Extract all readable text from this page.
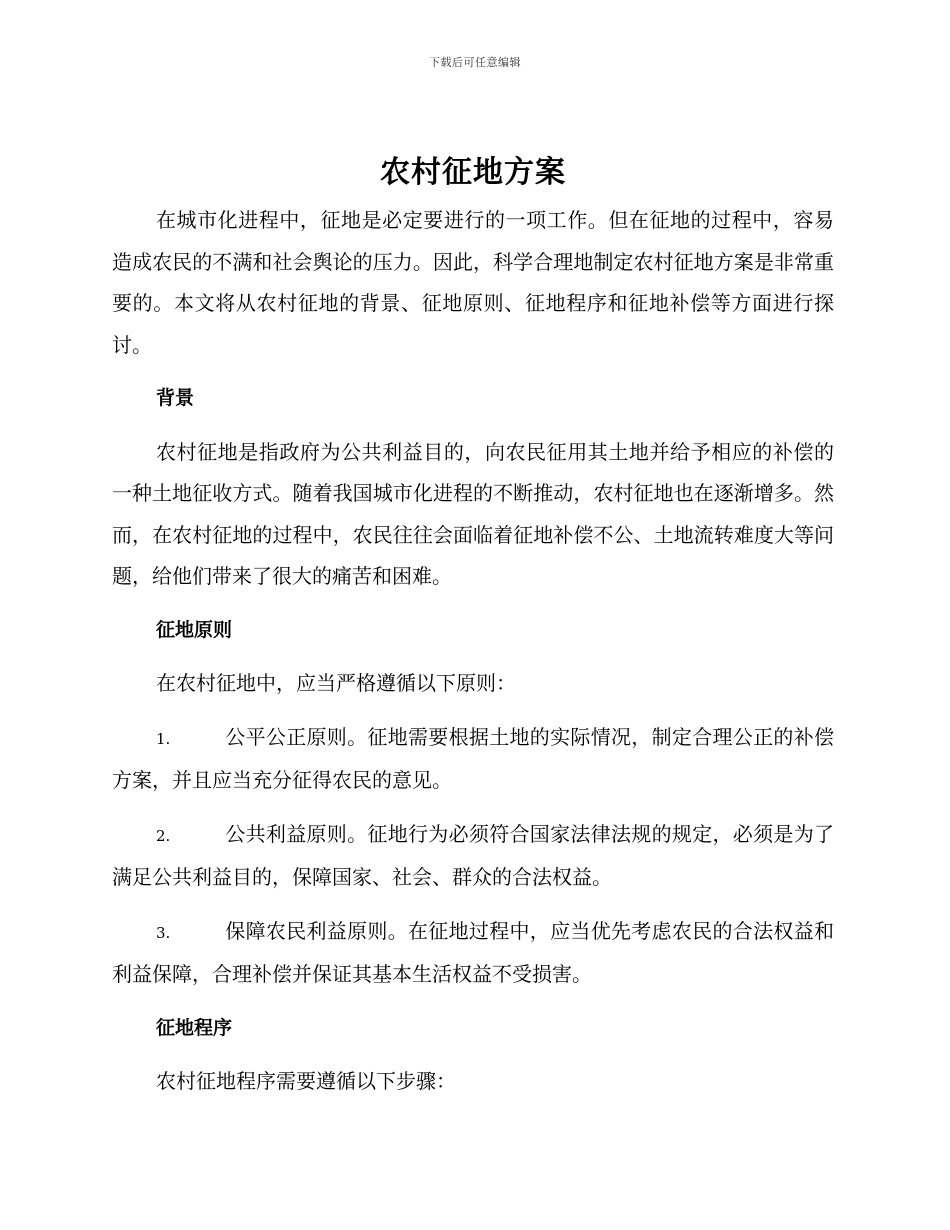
下载后可任意编辑
农村征地方案

在城市化进程中，征地是必定要进行的一项工作。但在征地的过程中，容易造成农民的不满和社会舆论的压力。因此，科学合理地制定农村征地方案是非常重要的。本文将从农村征地的背景、征地原则、征地程序和征地补偿等方面进行探讨。

背景

农村征地是指政府为公共利益目的，向农民征用其土地并给予相应的补偿的一种土地征收方式。随着我国城市化进程的不断推动，农村征地也在逐渐增多。然而，在农村征地的过程中，农民往往会面临着征地补偿不公、土地流转难度大等问题，给他们带来了很大的痛苦和困难。

征地原则

在农村征地中，应当严格遵循以下原则：

1.	公平公正原则。征地需要根据土地的实际情况，制定合理公正的补偿方案，并且应当充分征得农民的意见。

2.	公共利益原则。征地行为必须符合国家法律法规的规定，必须是为了满足公共利益目的，保障国家、社会、群众的合法权益。

3.	保障农民利益原则。在征地过程中，应当优先考虑农民的合法权益和利益保障，合理补偿并保证其基本生活权益不受损害。

征地程序

农村征地程序需要遵循以下步骤：
